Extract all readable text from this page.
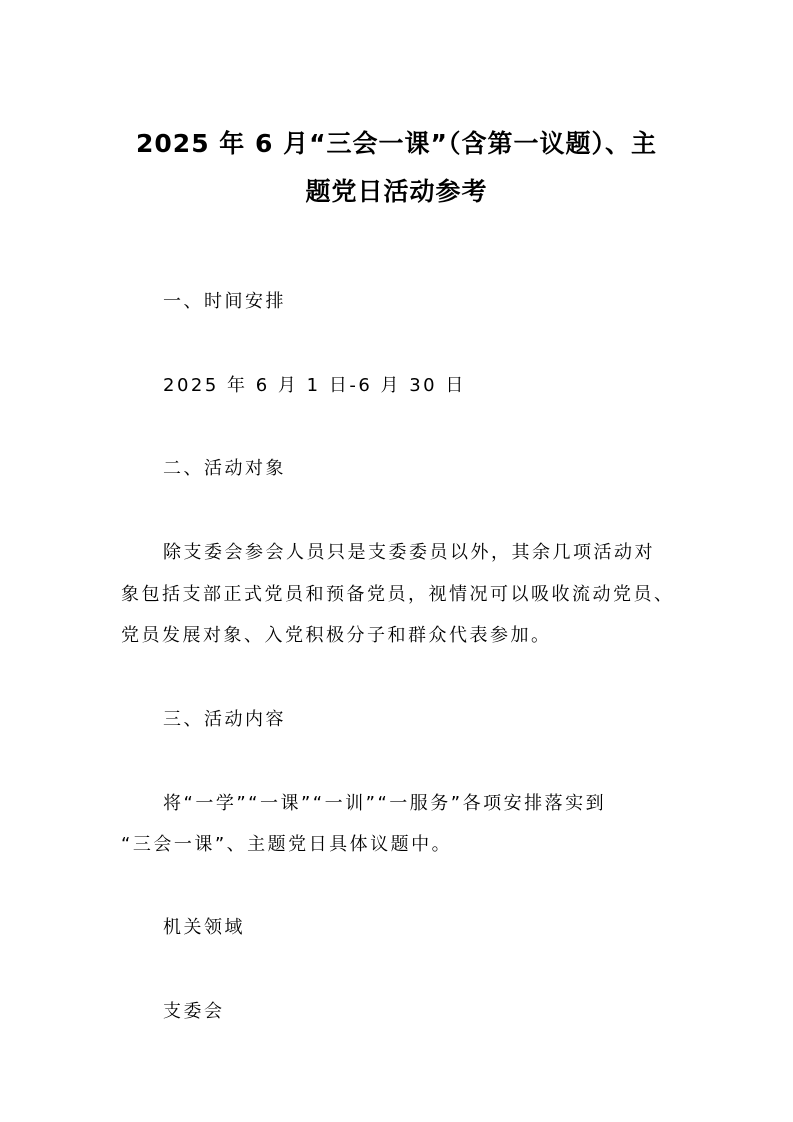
2025 年 6 月“三会一课”（含第一议题）、主
题党日活动参考

一、时间安排

2025 年 6 月 1 日-6 月 30 日

二、活动对象

除支委会参会人员只是支委委员以外，其余几项活动对

象包括支部正式党员和预备党员，视情况可以吸收流动党员、

党员发展对象、入党积极分子和群众代表参加。

三、活动内容

将“一学”“一课”“一训”“一服务”各项安排落实到

“三会一课”、主题党日具体议题中。

机关领域

支委会
